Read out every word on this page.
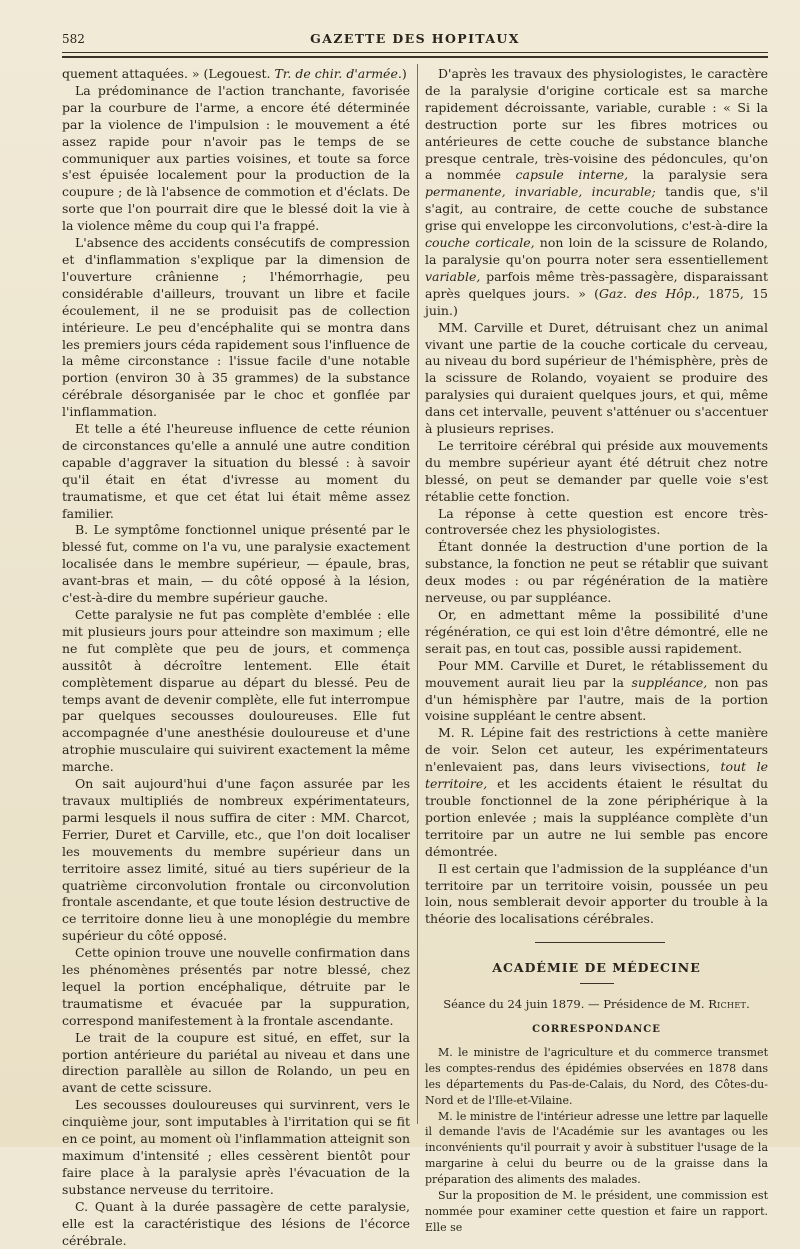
582	GAZETTE DES HOPITAUX

quement attaquées. » (Legouest. Tr. de chir. d'armée.)

La prédominance de l'action tranchante, favorisée par la courbure de l'arme, a encore été déterminée par la violence de l'impulsion : le mouvement a été assez rapide pour n'avoir pas le temps de se communiquer aux parties voisines, et toute sa force s'est épuisée localement pour la production de la coupure ; de là l'absence de commotion et d'éclats. De sorte que l'on pourrait dire que le blessé doit la vie à la violence même du coup qui l'a frappé.

L'absence des accidents consécutifs de compression et d'inflammation s'explique par la dimension de l'ouverture crânienne ; l'hémorrhagie, peu considérable d'ailleurs, trouvant un libre et facile écoulement, il ne se produisit pas de collection intérieure. Le peu d'encéphalite qui se montra dans les premiers jours céda rapidement sous l'influence de la même circonstance : l'issue facile d'une notable portion (environ 30 à 35 grammes) de la substance cérébrale désorganisée par le choc et gonflée par l'inflammation.

Et telle a été l'heureuse influence de cette réunion de circonstances qu'elle a annulé une autre condition capable d'aggraver la situation du blessé : à savoir qu'il était en état d'ivresse au moment du traumatisme, et que cet état lui était même assez familier.

B. Le symptôme fonctionnel unique présenté par le blessé fut, comme on l'a vu, une paralysie exactement localisée dans le membre supérieur, — épaule, bras, avant-bras et main, — du côté opposé à la lésion, c'est-à-dire du membre supérieur gauche.

Cette paralysie ne fut pas complète d'emblée : elle mit plusieurs jours pour atteindre son maximum ; elle ne fut complète que peu de jours, et commença aussitôt à décroître lentement. Elle était complètement disparue au départ du blessé. Peu de temps avant de devenir complète, elle fut interrompue par quelques secousses douloureuses. Elle fut accompagnée d'une anesthésie douloureuse et d'une atrophie musculaire qui suivirent exactement la même marche.

On sait aujourd'hui d'une façon assurée par les travaux multipliés de nombreux expérimentateurs, parmi lesquels il nous suffira de citer : MM. Charcot, Ferrier, Duret et Carville, etc., que l'on doit localiser les mouvements du membre supérieur dans un territoire assez limité, situé au tiers supérieur de la quatrième circonvolution frontale ou circonvolution frontale ascendante, et que toute lésion destructive de ce territoire donne lieu à une monoplégie du membre supérieur du côté opposé.

Cette opinion trouve une nouvelle confirmation dans les phénomènes présentés par notre blessé, chez lequel la portion encéphalique, détruite par le traumatisme et évacuée par la suppuration, correspond manifestement à la frontale ascendante.

Le trait de la coupure est situé, en effet, sur la portion antérieure du pariétal au niveau et dans une direction parallèle au sillon de Rolando, un peu en avant de cette scissure.

Les secousses douloureuses qui survinrent, vers le cinquième jour, sont imputables à l'irritation qui se fit en ce point, au moment où l'inflammation atteignit son maximum d'intensité ; elles cessèrent bientôt pour faire place à la paralysie après l'évacuation de la substance nerveuse du territoire.

C. Quant à la durée passagère de cette paralysie, elle est la caractéristique des lésions de l'écorce cérébrale.

D'après les travaux des physiologistes, le caractère de la paralysie d'origine corticale est sa marche rapidement décroissante, variable, curable : « Si la destruction porte sur les fibres motrices ou antérieures de cette couche de substance blanche presque centrale, très-voisine des pédoncules, qu'on a nommée capsule interne, la paralysie sera permanente, invariable, incurable; tandis que, s'il s'agit, au contraire, de cette couche de substance grise qui enveloppe les circonvolutions, c'est-à-dire la couche corticale, non loin de la scissure de Rolando, la paralysie qu'on pourra noter sera essentiellement variable, parfois même très-passagère, disparaissant après quelques jours. » (Gaz. des Hôp., 1875, 15 juin.)

MM. Carville et Duret, détruisant chez un animal vivant une partie de la couche corticale du cerveau, au niveau du bord supérieur de l'hémisphère, près de la scissure de Rolando, voyaient se produire des paralysies qui duraient quelques jours, et qui, même dans cet intervalle, peuvent s'atténuer ou s'accentuer à plusieurs reprises.

Le territoire cérébral qui préside aux mouvements du membre supérieur ayant été détruit chez notre blessé, on peut se demander par quelle voie s'est rétablie cette fonction.

La réponse à cette question est encore très-controversée chez les physiologistes.

Étant donnée la destruction d'une portion de la substance, la fonction ne peut se rétablir que suivant deux modes : ou par régénération de la matière nerveuse, ou par suppléance.

Or, en admettant même la possibilité d'une régénération, ce qui est loin d'être démontré, elle ne serait pas, en tout cas, possible aussi rapidement.

Pour MM. Carville et Duret, le rétablissement du mouvement aurait lieu par la suppléance, non pas d'un hémisphère par l'autre, mais de la portion voisine suppléant le centre absent.

M. R. Lépine fait des restrictions à cette manière de voir. Selon cet auteur, les expérimentateurs n'enlevaient pas, dans leurs vivisections, tout le territoire, et les accidents étaient le résultat du trouble fonctionnel de la zone périphérique à la portion enlevée ; mais la suppléance complète d'un territoire par un autre ne lui semble pas encore démontrée.

Il est certain que l'admission de la suppléance d'un territoire par un territoire voisin, poussée un peu loin, nous semblerait devoir apporter du trouble à la théorie des localisations cérébrales.

ACADÉMIE DE MÉDECINE
Séance du 24 juin 1879. — Présidence de M. Richet.
CORRESPONDANCE

M. le ministre de l'agriculture et du commerce transmet les comptes-rendus des épidémies observées en 1878 dans les départements du Pas-de-Calais, du Nord, des Côtes-du-Nord et de l'Ille-et-Vilaine.

M. le ministre de l'intérieur adresse une lettre par laquelle il demande l'avis de l'Académie sur les avantages ou les inconvénients qu'il pourrait y avoir à substituer l'usage de la margarine à celui du beurre ou de la graisse dans la préparation des aliments des malades.

Sur la proposition de M. le président, une commission est nommée pour examiner cette question et faire un rapport. Elle se
